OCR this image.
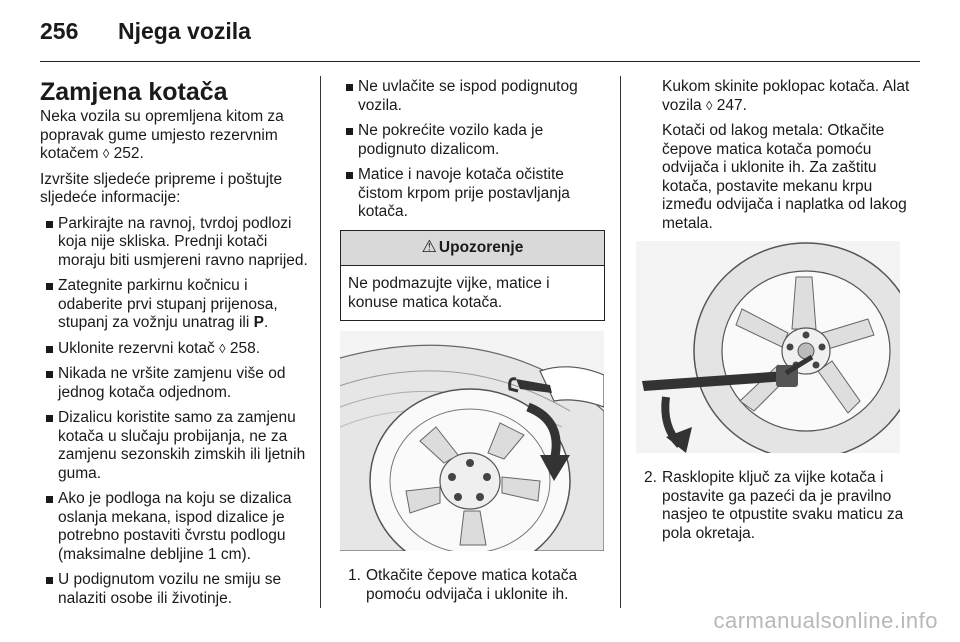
256 Njega vozila
Zamjena kotača

Neka vozila su opremljena kitom za popravak gume umjesto rezervnim kotačem ◊ 252.

Izvršite sljedeće pripreme i poštujte sljedeće informacije:

Parkirajte na ravnoj, tvrdoj podlozi koja nije skliska. Prednji kotači moraju biti usmjereni ravno naprijed.
Zategnite parkirnu kočnicu i odaberite prvi stupanj prijenosa, stupanj za vožnju unatrag ili P.
Uklonite rezervni kotač ◊ 258.
Nikada ne vršite zamjenu više od jednog kotača odjednom.
Dizalicu koristite samo za zamjenu kotača u slučaju probijanja, ne za zamjenu sezonskih zimskih ili ljetnih guma.
Ako je podloga na koju se dizalica oslanja mekana, ispod dizalice je potrebno postaviti čvrstu podlogu (maksimalne debljine 1 cm).
U podignutom vozilu ne smiju se nalaziti osobe ili životinje.
Ne uvlačite se ispod podignutog vozila.
Ne pokrećite vozilo kada je podignuto dizalicom.
Matice i navoje kotača očistite čistom krpom prije postavljanja kotača.
⚠ Upozorenje
Ne podmazujte vijke, matice i konuse matica kotača.
1. Otkačite čepove matica kotača pomoću odvijača i uklonite ih.

Kukom skinite poklopac kotača. Alat vozila ◊ 247.

Kotači od lakog metala: Otkačite čepove matica kotača pomoću odvijača i uklonite ih. Za zaštitu kotača, postavite mekanu krpu između odvijača i naplatka od lakog metala.

2. Rasklopite ključ za vijke kotača i postavite ga pazeći da je pravilno nasjeo te otpustite svaku maticu za pola okretaja.
carmanualsonline.info
